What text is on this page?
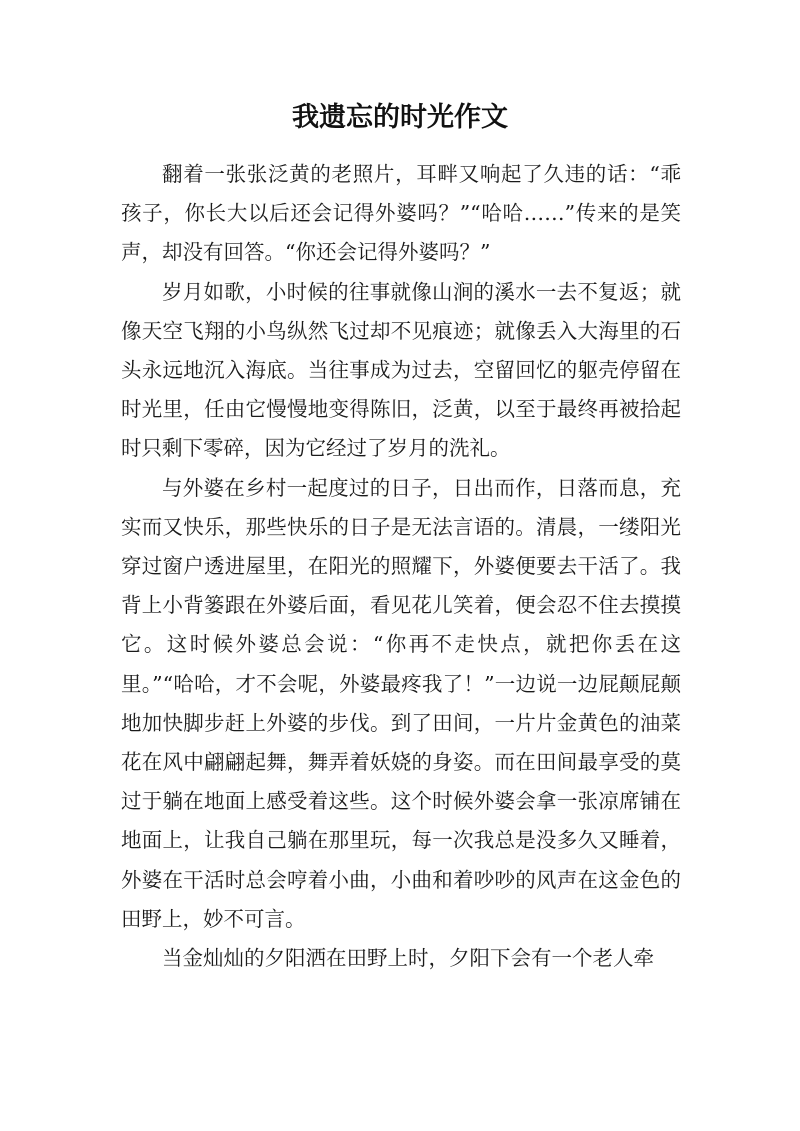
我遗忘的时光作文

翻着一张张泛黄的老照片，耳畔又响起了久违的话：“乖孩子，你长大以后还会记得外婆吗？”“哈哈……”传来的是笑声，却没有回答。“你还会记得外婆吗？”

岁月如歌，小时候的往事就像山涧的溪水一去不复返；就像天空飞翔的小鸟纵然飞过却不见痕迹；就像丢入大海里的石头永远地沉入海底。当往事成为过去，空留回忆的躯壳停留在时光里，任由它慢慢地变得陈旧，泛黄，以至于最终再被拾起时只剩下零碎，因为它经过了岁月的洗礼。

与外婆在乡村一起度过的日子，日出而作，日落而息，充实而又快乐，那些快乐的日子是无法言语的。清晨，一缕阳光穿过窗户透进屋里，在阳光的照耀下，外婆便要去干活了。我背上小背篓跟在外婆后面，看见花儿笑着，便会忍不住去摸摸它。这时候外婆总会说：“你再不走快点，就把你丢在这里。”“哈哈，才不会呢，外婆最疼我了！”一边说一边屁颠屁颠地加快脚步赶上外婆的步伐。到了田间，一片片金黄色的油菜花在风中翩翩起舞，舞弄着妖娆的身姿。而在田间最享受的莫过于躺在地面上感受着这些。这个时候外婆会拿一张凉席铺在地面上，让我自己躺在那里玩，每一次我总是没多久又睡着，外婆在干活时总会哼着小曲，小曲和着吵吵的风声在这金色的田野上，妙不可言。

当金灿灿的夕阳洒在田野上时，夕阳下会有一个老人牵
